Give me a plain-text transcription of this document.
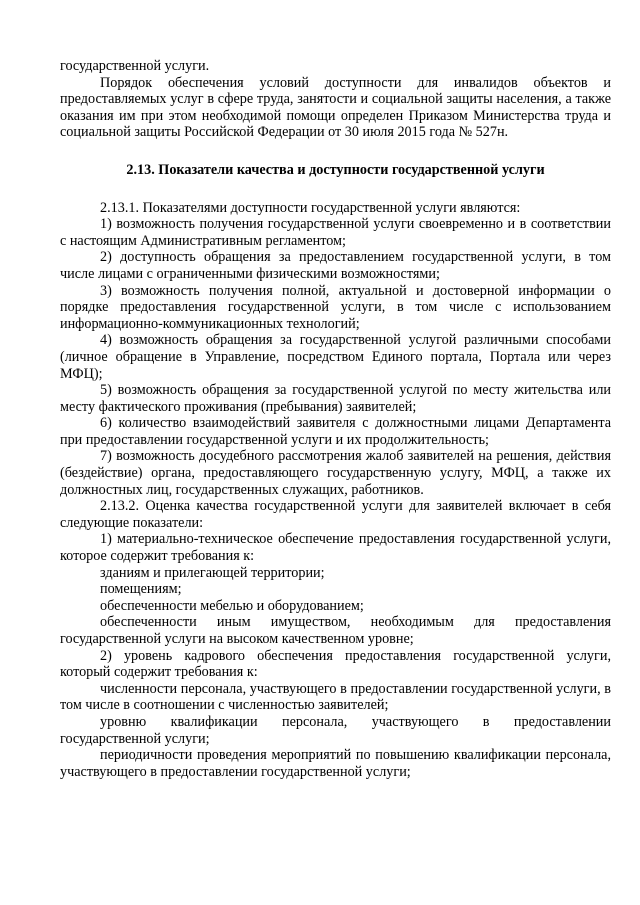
государственной услуги.

Порядок обеспечения условий доступности для инвалидов объектов и предоставляемых услуг в сфере труда, занятости и социальной защиты населения, а также оказания им при этом необходимой помощи определен Приказом Министерства труда и социальной защиты Российской Федерации от 30 июля 2015 года № 527н.

2.13. Показатели качества и доступности государственной услуги

2.13.1. Показателями доступности государственной услуги являются:

1) возможность получения государственной услуги своевременно и в соответствии с настоящим Административным регламентом;

2) доступность обращения за предоставлением государственной услуги, в том числе лицами с ограниченными физическими возможностями;

3) возможность получения полной, актуальной и достоверной информации о порядке предоставления государственной услуги, в том числе с использованием информационно-коммуникационных технологий;

4) возможность обращения за государственной услугой различными способами (личное обращение в Управление, посредством Единого портала, Портала или через МФЦ);

5) возможность обращения за государственной услугой по месту жительства или месту фактического проживания (пребывания) заявителей;

6) количество взаимодействий заявителя с должностными лицами Департамента при предоставлении государственной услуги и их продолжительность;

7) возможность досудебного рассмотрения жалоб заявителей на решения, действия (бездействие) органа, предоставляющего государственную услугу, МФЦ, а также их должностных лиц, государственных служащих, работников.

2.13.2. Оценка качества государственной услуги для заявителей включает в себя следующие показатели:

1) материально-техническое обеспечение предоставления государственной услуги, которое содержит требования к:

зданиям и прилегающей территории;

помещениям;

обеспеченности мебелью и оборудованием;

обеспеченности иным имуществом, необходимым для предоставления государственной услуги на высоком качественном уровне;

2) уровень кадрового обеспечения предоставления государственной услуги, который содержит требования к:

численности персонала, участвующего в предоставлении государственной услуги, в том числе в соотношении с численностью заявителей;

уровню квалификации персонала, участвующего в предоставлении государственной услуги;

периодичности проведения мероприятий по повышению квалификации персонала, участвующего в предоставлении государственной услуги;
